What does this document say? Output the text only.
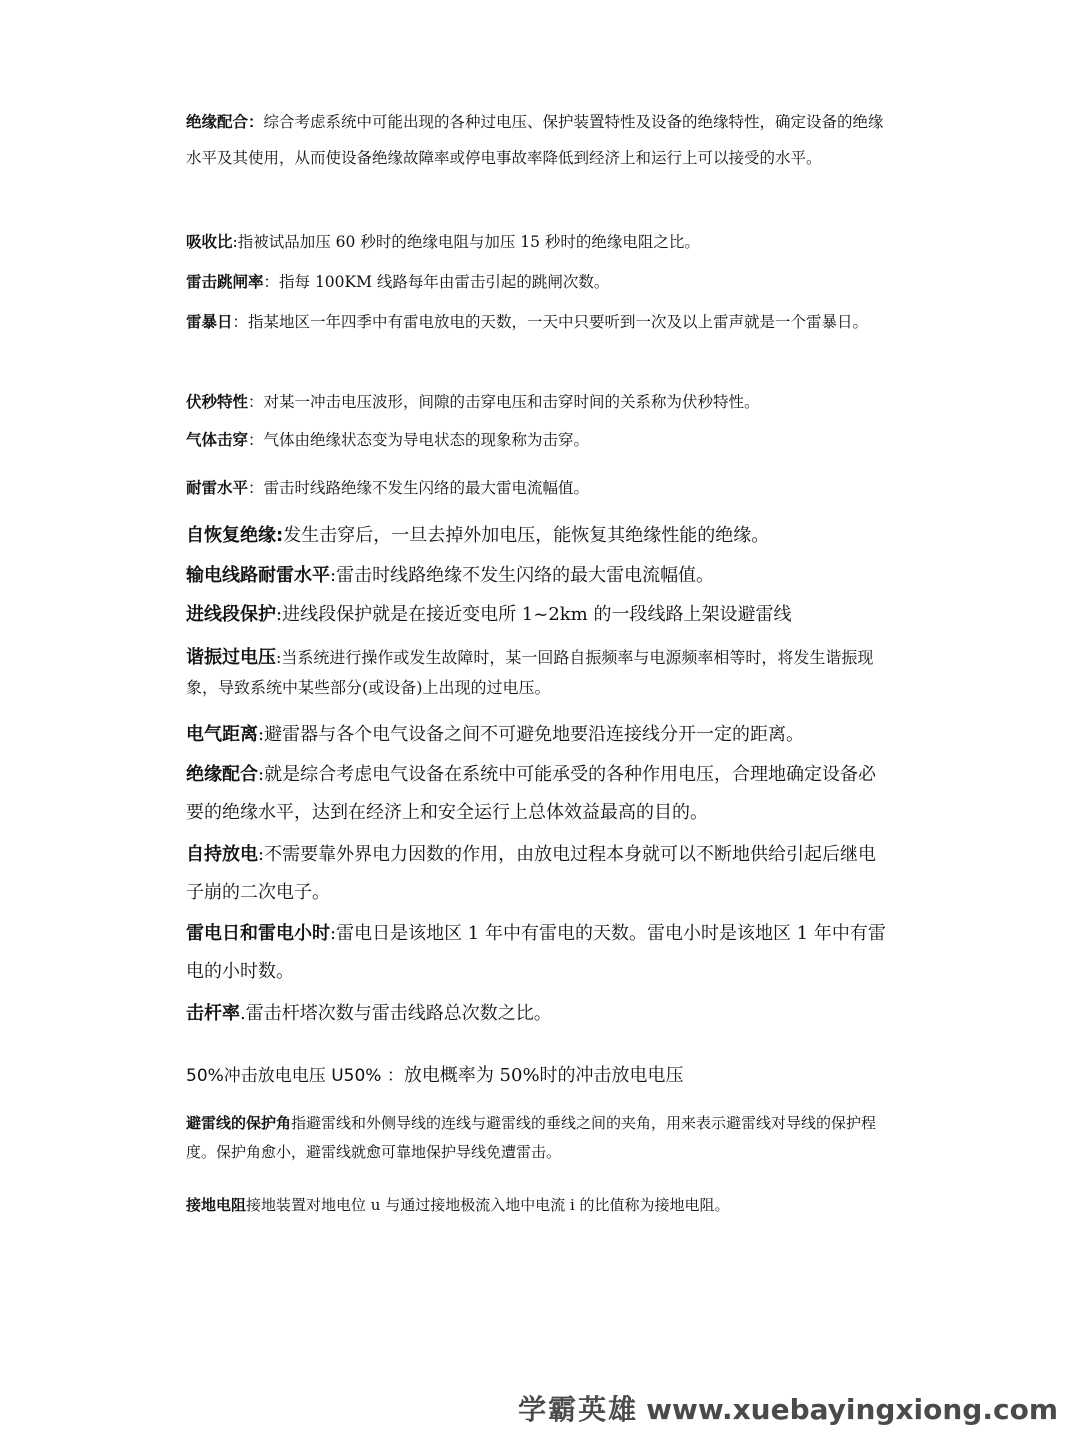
绝缘配合：综合考虑系统中可能出现的各种过电压、保护装置特性及设备的绝缘特性，确定设备的绝缘水平及其使用，从而使设备绝缘故障率或停电事故率降低到经济上和运行上可以接受的水平。

吸收比:指被试品加压 60 秒时的绝缘电阻与加压 15 秒时的绝缘电阻之比。

雷击跳闸率：指每 100KM 线路每年由雷击引起的跳闸次数。

雷暴日：指某地区一年四季中有雷电放电的天数，一天中只要听到一次及以上雷声就是一个雷暴日。

伏秒特性：对某一冲击电压波形，间隙的击穿电压和击穿时间的关系称为伏秒特性。

气体击穿：气体由绝缘状态变为导电状态的现象称为击穿。

耐雷水平：雷击时线路绝缘不发生闪络的最大雷电流幅值。

自恢复绝缘:发生击穿后，一旦去掉外加电压，能恢复其绝缘性能的绝缘。

输电线路耐雷水平:雷击时线路绝缘不发生闪络的最大雷电流幅值。

进线段保护:进线段保护就是在接近变电所 1~2km 的一段线路上架设避雷线

谐振过电压:当系统进行操作或发生故障时，某一回路自振频率与电源频率相等时，将发生谐振现象，导致系统中某些部分(或设备)上出现的过电压。

电气距离:避雷器与各个电气设备之间不可避免地要沿连接线分开一定的距离。

绝缘配合:就是综合考虑电气设备在系统中可能承受的各种作用电压，合理地确定设备必要的绝缘水平，达到在经济上和安全运行上总体效益最高的目的。

自持放电:不需要靠外界电力因数的作用，由放电过程本身就可以不断地供给引起后继电子崩的二次电子。

雷电日和雷电小时:雷电日是该地区 1 年中有雷电的天数。雷电小时是该地区 1 年中有雷电的小时数。

击杆率.雷击杆塔次数与雷击线路总次数之比。

50%冲击放电电压 U50% ：放电概率为 50%时的冲击放电电压

避雷线的保护角指避雷线和外侧导线的连线与避雷线的垂线之间的夹角，用来表示避雷线对导线的保护程度。保护角愈小，避雷线就愈可靠地保护导线免遭雷击。

接地电阻接地装置对地电位 u 与通过接地极流入地中电流 i 的比值称为接地电阻。

学霸英雄 www.xuebayingxiong.com
